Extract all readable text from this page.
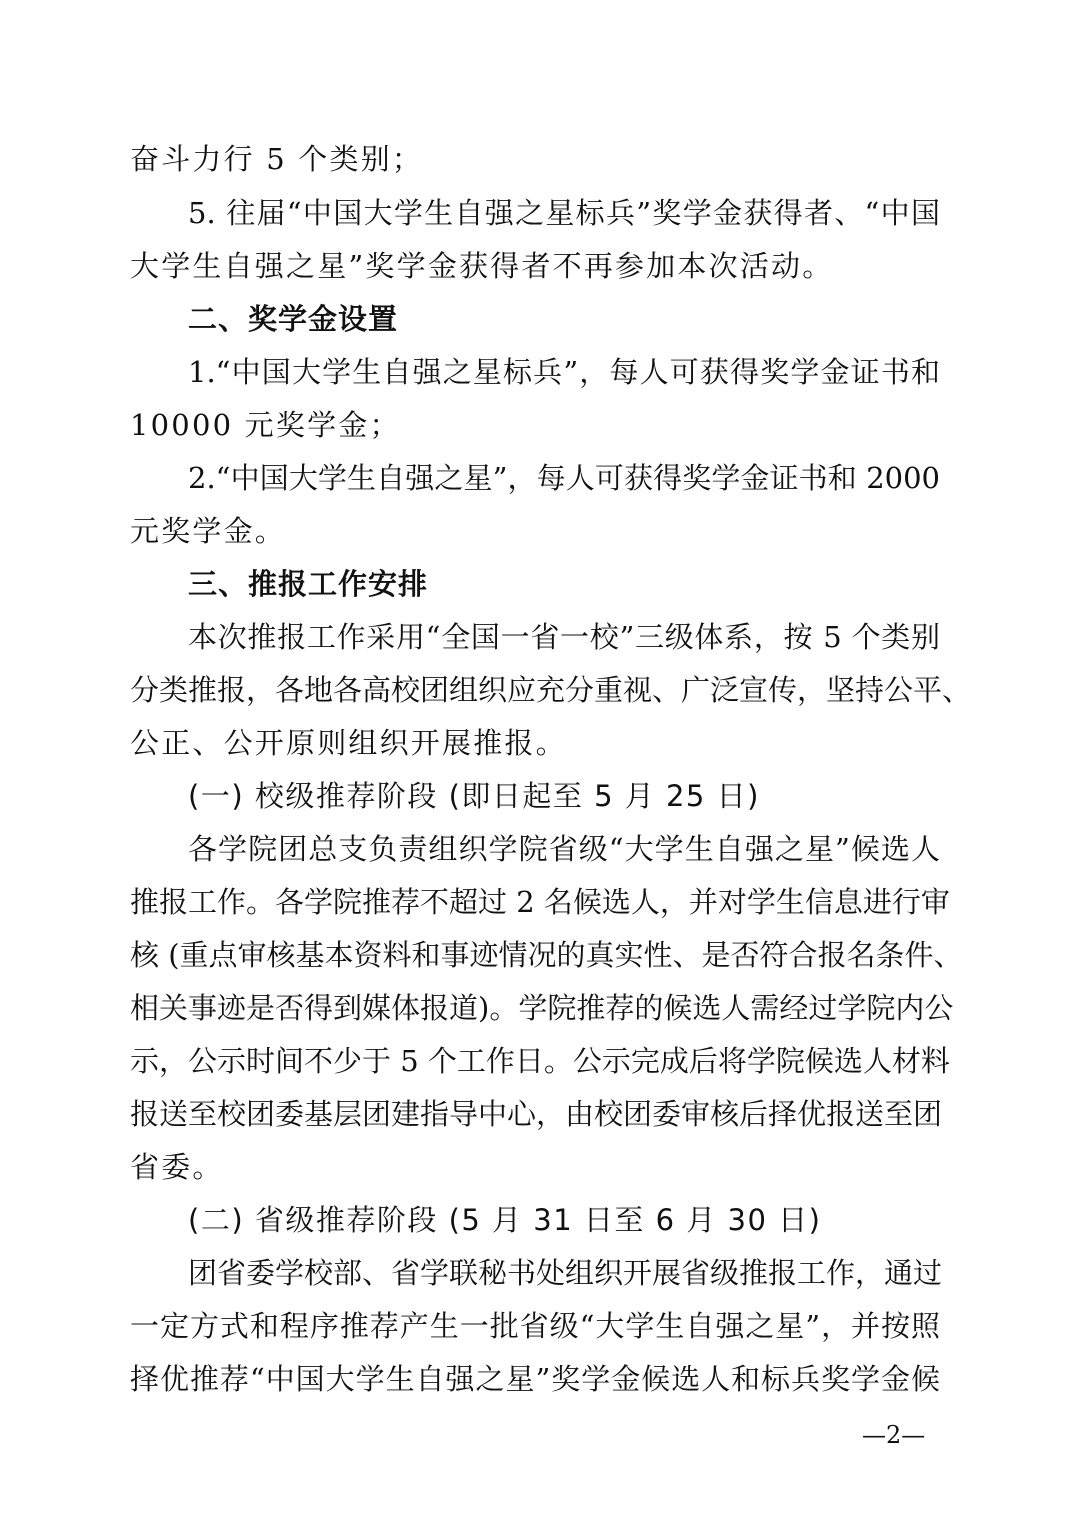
奋斗力行 5 个类别；
5. 往届“中国大学生自强之星标兵”奖学金获得者、“中国
大学生自强之星”奖学金获得者不再参加本次活动。
二、奖学金设置
1.“中国大学生自强之星标兵”，每人可获得奖学金证书和
10000 元奖学金；
2.“中国大学生自强之星”，每人可获得奖学金证书和 2000
元奖学金。
三、推报工作安排
本次推报工作采用“全国一省一校”三级体系，按 5 个类别
分类推报，各地各高校团组织应充分重视、广泛宣传，坚持公平、
公正、公开原则组织开展推报。
(一) 校级推荐阶段 (即日起至 5 月 25 日)
各学院团总支负责组织学院省级“大学生自强之星”候选人
推报工作。各学院推荐不超过 2 名候选人，并对学生信息进行审
核 (重点审核基本资料和事迹情况的真实性、是否符合报名条件、
相关事迹是否得到媒体报道)。学院推荐的候选人需经过学院内公
示，公示时间不少于 5 个工作日。公示完成后将学院候选人材料
报送至校团委基层团建指导中心，由校团委审核后择优报送至团
省委。
(二) 省级推荐阶段 (5 月 31 日至 6 月 30 日)
团省委学校部、省学联秘书处组织开展省级推报工作，通过
一定方式和程序推荐产生一批省级“大学生自强之星”，并按照
择优推荐“中国大学生自强之星”奖学金候选人和标兵奖学金候
—2—
